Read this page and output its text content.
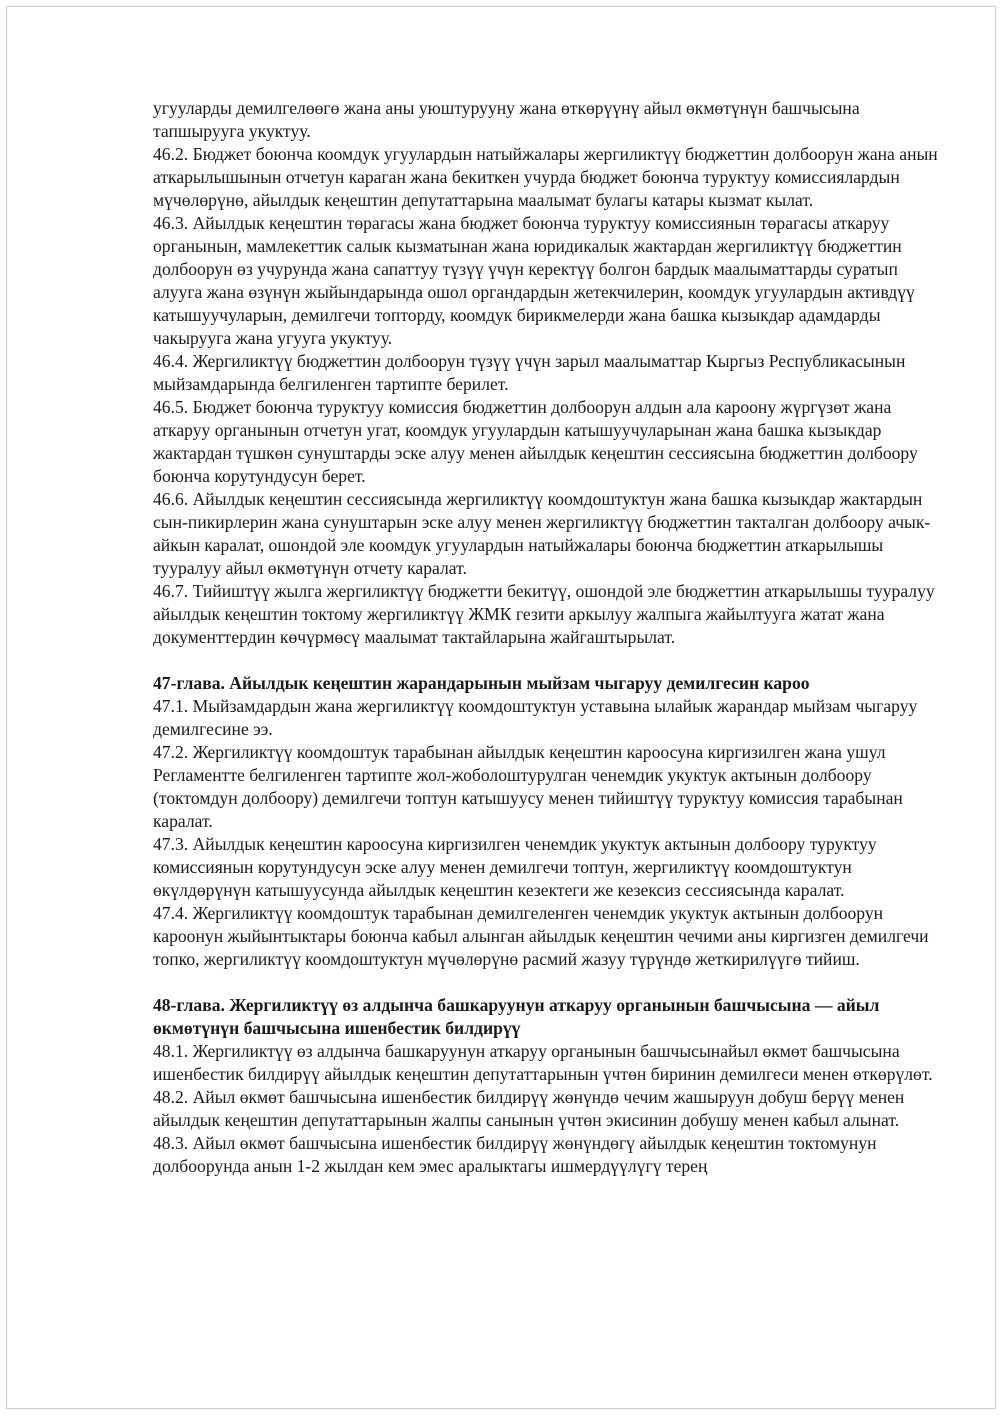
угууларды демилгелөөгө жана аны уюштурууну жана өткөрүүнү айыл өкмөтүнүн башчысына тапшырууга укуктуу.

46.2. Бюджет боюнча коомдук угуулардын натыйжалары жергиликтүү бюджеттин долбоорун жана анын аткарылышынын отчетун караган жана бекиткен учурда бюджет боюнча туруктуу комиссиялардын мүчөлөрүнө, айылдык кеңештин депутаттарына маалымат булагы катары кызмат кылат.

46.3. Айылдык кеңештин төрагасы жана бюджет боюнча туруктуу комиссиянын төрагасы аткаруу органынын, мамлекеттик салык кызматынан жана юридикалык жактардан жергиликтүү бюджеттин долбоорун өз учурунда жана сапаттуу түзүү үчүн керектүү болгон бардык маалыматтарды суратып алууга жана өзүнүн жыйындарында ошол органдардын жетекчилерин, коомдук угуулардын активдүү катышуучуларын, демилгечи топторду, коомдук бирикмелерди жана башка кызыкдар адамдарды чакырууга жана угууга укуктуу.

46.4. Жергиликтүү бюджеттин долбоорун түзүү үчүн зарыл маалыматтар Кыргыз Республикасынын мыйзамдарында белгиленген тартипте берилет.

46.5. Бюджет боюнча туруктуу комиссия бюджеттин долбоорун алдын ала кароону жүргүзөт жана аткаруу органынын отчетун угат, коомдук угуулардын катышуучуларынан жана башка кызыкдар жактардан түшкөн сунуштарды эске алуу менен айылдык кеңештин сессиясына бюджеттин долбоору боюнча корутундусун берет.

46.6. Айылдык кеңештин сессиясында жергиликтүү коомдоштуктун жана башка кызыкдар жактардын сын-пикирлерин жана сунуштарын эске алуу менен жергиликтүү бюджеттин такталган долбоору ачык-айкын каралат, ошондой эле коомдук угуулардын натыйжалары боюнча бюджеттин аткарылышы тууралуу айыл өкмөтүнүн отчету каралат.

46.7. Тийиштүү жылга жергиликтүү бюджетти бекитүү, ошондой эле бюджеттин аткарылышы тууралуу айылдык кеңештин токтому жергиликтүү ЖМК гезити аркылуу жалпыга жайылтууга жатат жана документтердин көчүрмөсү маалымат тактайларына жайгаштырылат.

47-глава. Айылдык кеңештин жарандарынын мыйзам чыгаруу демилгесин кароо

47.1. Мыйзамдардын жана жергиликтүү коомдоштуктун уставына ылайык жарандар мыйзам чыгаруу демилгесине ээ.

47.2. Жергиликтүү коомдоштук тарабынан айылдык кеңештин кароосуна киргизилген жана ушул Регламентте белгиленген тартипте жол-жоболоштурулган ченемдик укуктук актынын долбоору (токтомдун долбоору) демилгечи топтун катышуусу менен тийиштүү туруктуу комиссия тарабынан каралат.

47.3. Айылдык кеңештин кароосуна киргизилген ченемдик укуктук актынын долбоору туруктуу комиссиянын корутундусун эске алуу менен демилгечи топтун, жергиликтүү коомдоштуктун өкүлдөрүнүн катышуусунда айылдык кеңештин кезектеги же кезексиз сессиясында каралат.

47.4. Жергиликтүү коомдоштук тарабынан демилгеленген ченемдик укуктук актынын долбоорун кароонун жыйынтыктары боюнча кабыл алынган айылдык кеңештин чечими аны киргизген демилгечи топко, жергиликтүү коомдоштуктун мүчөлөрүнө расмий жазуу түрүндө жеткирилүүгө тийиш.

48-глава. Жергиликтүү өз алдынча башкаруунун аткаруу органынын башчысына — айыл өкмөтүнүн башчысына ишенбестик билдирүү

48.1. Жергиликтүү өз алдынча башкаруунун аткаруу органынын башчысынайыл өкмөт башчысына ишенбестик билдирүү айылдык кеңештин депутаттарынын үчтөн биринин демилгеси менен өткөрүлөт.

48.2. Айыл өкмөт башчысына ишенбестик билдирүү жөнүндө чечим жашыруун добуш берүү менен айылдык кеңештин депутаттарынын жалпы санынын үчтөн экисинин добушу менен кабыл алынат.

48.3. Айыл өкмөт башчысына ишенбестик билдирүү жөнүндөгү айылдык кеңештин токтомунун долбоорунда анын 1-2 жылдан кем эмес аралыктагы ишмердүүлүгү терең
